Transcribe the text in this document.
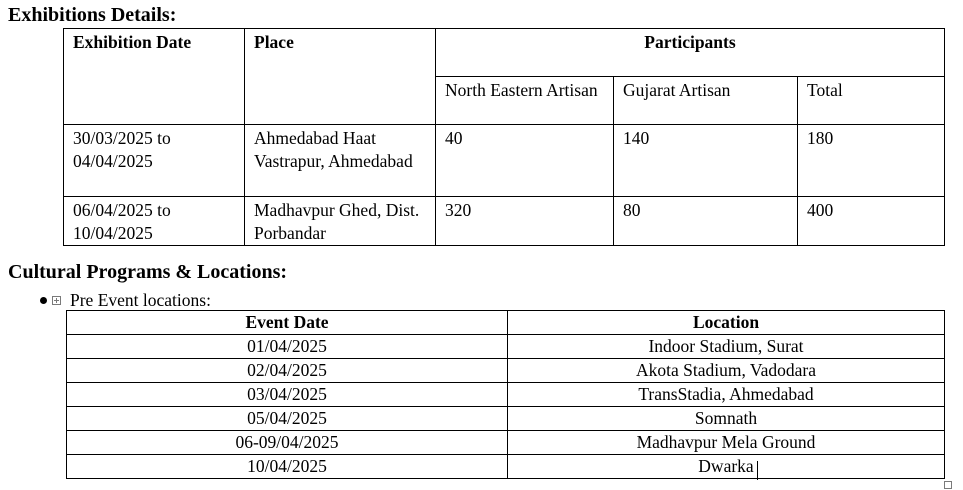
Exhibitions Details:
Exhibition Date	Place	Participants		

		North Eastern Artisan	Gujarat Artisan	Total

30/03/2025 to 04/04/2025	Ahmedabad Haat Vastrapur, Ahmedabad	40	140	180

06/04/2025 to 10/04/2025	Madhavpur Ghed, Dist. Porbandar	320	80	400
Cultural Programs & Locations:
Pre Event locations:
Event Date	Location
01/04/2025	Indoor Stadium, Surat
02/04/2025	Akota Stadium, Vadodara
03/04/2025	TransStadia, Ahmedabad
05/04/2025	Somnath
06-09/04/2025	Madhavpur Mela Ground
10/04/2025	Dwarka
